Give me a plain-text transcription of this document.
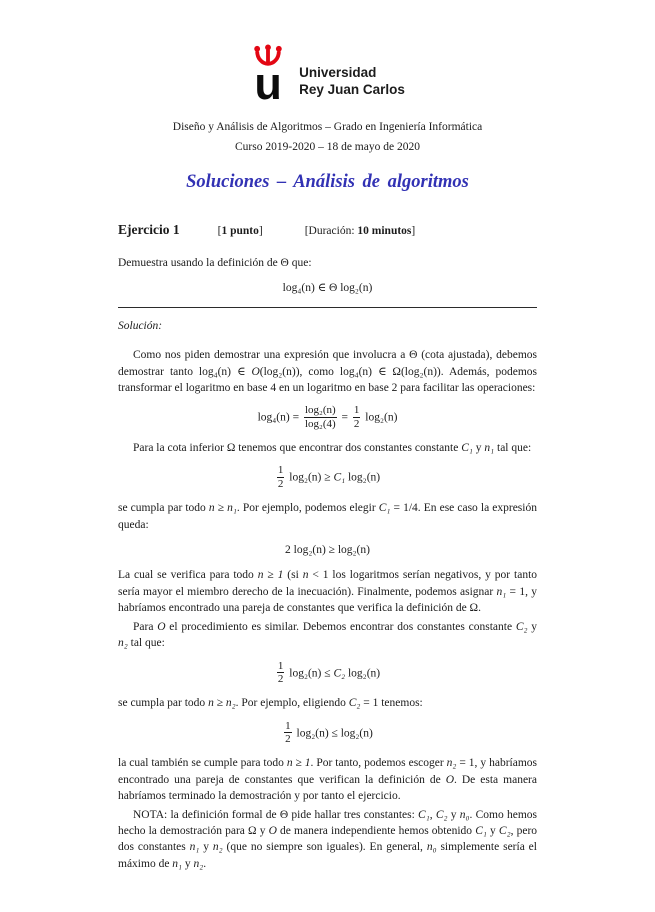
u Universidad
Rey Juan Carlos
Diseño y Análisis de Algoritmos – Grado en Ingeniería Informática
Curso 2019-2020 – 18 de mayo de 2020
Soluciones – Análisis de algoritmos
Ejercicio 1	[1 punto]	[Duración: 10 minutos]

Demuestra usando la definición de Θ que:

log₄(n) ∈ Θ log₂(n)

Solución:

Como nos piden demostrar una expresión que involucra a Θ (cota ajustada), debemos demostrar tanto log₄(n) ∈ O(log₂(n)), como log₄(n) ∈ Ω(log₂(n)). Además, podemos transformar el logaritmo en base 4 en un logaritmo en base 2 para facilitar las operaciones:

$\log_4(n) = \frac{\text{log₂(n)}}{\text{log₂(4)}} = \frac{1}{2} \log_2(n)$

Para la cota inferior Ω tenemos que encontrar dos constantes constante C₁ y n₁ tal que:

$\frac{1}{2} \log_2(n) \ge C_1$ log₂(n)

se cumpla par todo n ≥ n₁. Por ejemplo, podemos elegir C₁ = 1/4. En ese caso la expresión queda:

2 log₂(n) ≥ log₂(n)

La cual se verifica para todo n ≥ 1 (si n < 1 los logaritmos serían negativos, y por tanto sería mayor el miembro derecho de la inecuación). Finalmente, podemos asignar n₁ = 1, y habríamos encontrado una pareja de constantes que verifica la definición de Ω.

Para O el procedimiento es similar. Debemos encontrar dos constantes constante C₂ y n₂ tal que:

$\frac{1}{2} \log_2(n) \le C_2$ log₂(n)

se cumpla par todo n ≥ n₂. Por ejemplo, eligiendo C₂ = 1 tenemos:

$\frac{1}{2} \log_2(n) \le \log_2(n)$

la cual también se cumple para todo n ≥ 1. Por tanto, podemos escoger n₂ = 1, y habríamos encontrado una pareja de constantes que verifican la definición de O. De esta manera habríamos terminado la demostración y por tanto el ejercicio.

NOTA: la definición formal de Θ pide hallar tres constantes: C₁, C₂ y n₀. Como hemos hecho la demostración para Ω y O de manera independiente hemos obtenido C₁ y C₂, pero dos constantes n₁ y n₂ (que no siempre son iguales). En general, n₀ simplemente sería el máximo de n₁ y n₂.
